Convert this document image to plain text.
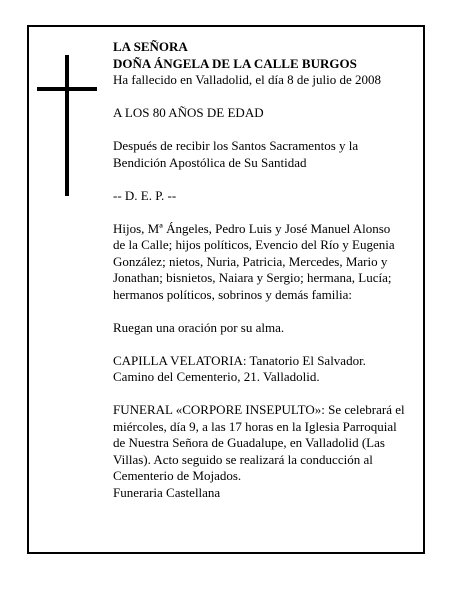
LA SEÑORA
DOÑA ÁNGELA DE LA CALLE BURGOS
Ha fallecido en Valladolid, el día 8 de julio de 2008

A LOS 80 AÑOS DE EDAD

Después de recibir los Santos Sacramentos y la
Bendición Apostólica de Su Santidad

-- D. E. P. --

Hijos, Mª Ángeles, Pedro Luis y José Manuel Alonso
de la Calle; hijos políticos, Evencio del Río y Eugenia
González; nietos, Nuria, Patricia, Mercedes, Mario y
Jonathan; bisnietos, Naiara y Sergio; hermana, Lucía;
hermanos políticos, sobrinos y demás familia:

Ruegan una oración por su alma.

CAPILLA VELATORIA: Tanatorio El Salvador.
Camino del Cementerio, 21. Valladolid.

FUNERAL «CORPORE INSEPULTO»: Se celebrará el
miércoles, día 9, a las 17 horas en la Iglesia Parroquial
de Nuestra Señora de Guadalupe, en Valladolid (Las
Villas). Acto seguido se realizará la conducción al
Cementerio de Mojados.
Funeraria Castellana
